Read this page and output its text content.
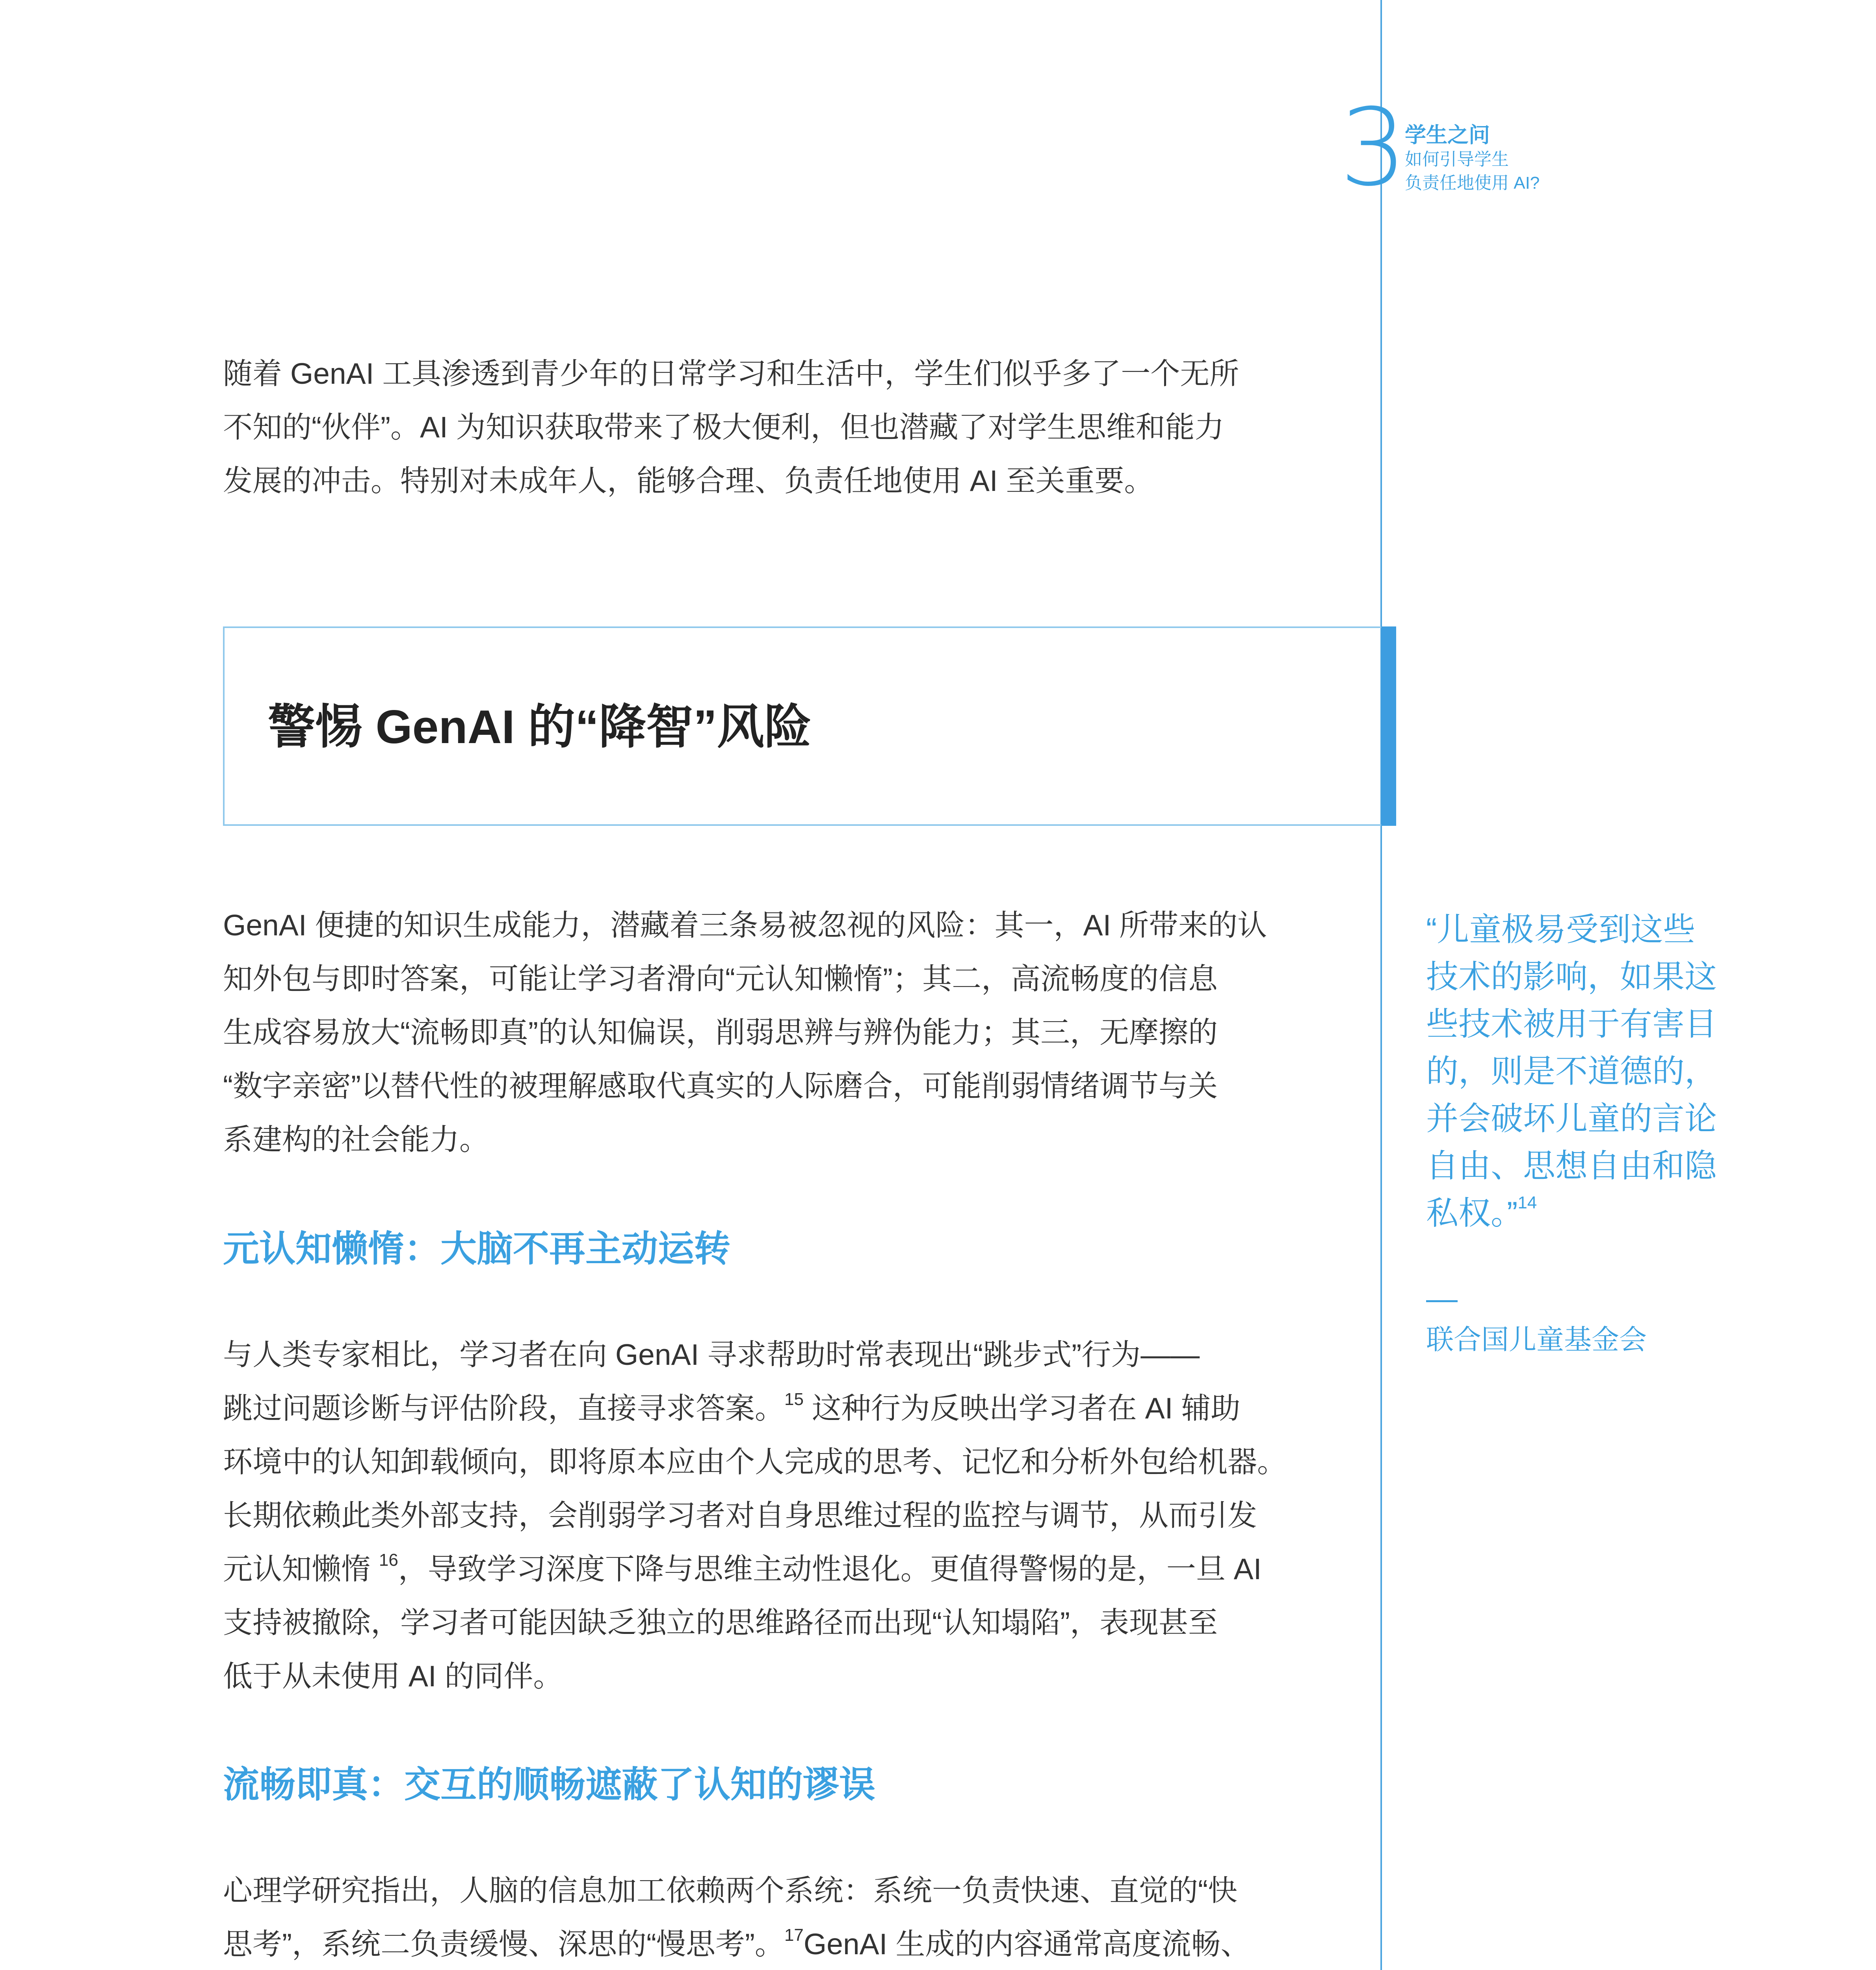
3
学生之问
如何引导学生
负责任地使用 AI?
随着 GenAI 工具渗透到青少年的日常学习和生活中，学生们似乎多了一个无所
不知的“伙伴”。AI 为知识获取带来了极大便利，但也潜藏了对学生思维和能力
发展的冲击。特别对未成年人，能够合理、负责任地使用 AI 至关重要。
警惕 GenAI 的“降智”风险
GenAI 便捷的知识生成能力，潜藏着三条易被忽视的风险：其一，AI 所带来的认
知外包与即时答案，可能让学习者滑向“元认知懒惰”；其二，高流畅度的信息
生成容易放大“流畅即真”的认知偏误，削弱思辨与辨伪能力；其三，无摩擦的
“数字亲密”以替代性的被理解感取代真实的人际磨合，可能削弱情绪调节与关
系建构的社会能力。
元认知懒惰：大脑不再主动运转
与人类专家相比，学习者在向 GenAI 寻求帮助时常表现出“跳步式”行为——
跳过问题诊断与评估阶段，直接寻求答案。$^{15}$ 这种行为反映出学习者在 AI 辅助
环境中的认知卸载倾向，即将原本应由个人完成的思考、记忆和分析外包给机器。
长期依赖此类外部支持，会削弱学习者对自身思维过程的监控与调节，从而引发
元认知懒惰 $^{16}$，导致学习深度下降与思维主动性退化。更值得警惕的是，一旦 AI
支持被撤除，学习者可能因缺乏独立的思维路径而出现“认知塌陷”，表现甚至
低于从未使用 AI 的同伴。
流畅即真：交互的顺畅遮蔽了认知的谬误
心理学研究指出，人脑的信息加工依赖两个系统：系统一负责快速、直觉的“快
思考”，系统二负责缓慢、深思的“慢思考”。$^{17}$GenAI 生成的内容通常高度流畅、
“儿童极易受到这些
技术的影响，如果这
些技术被用于有害目
的，则是不道德的，
并会破坏儿童的言论
自由、思想自由和隐
私权。”$^{14}$
联合国儿童基金会
